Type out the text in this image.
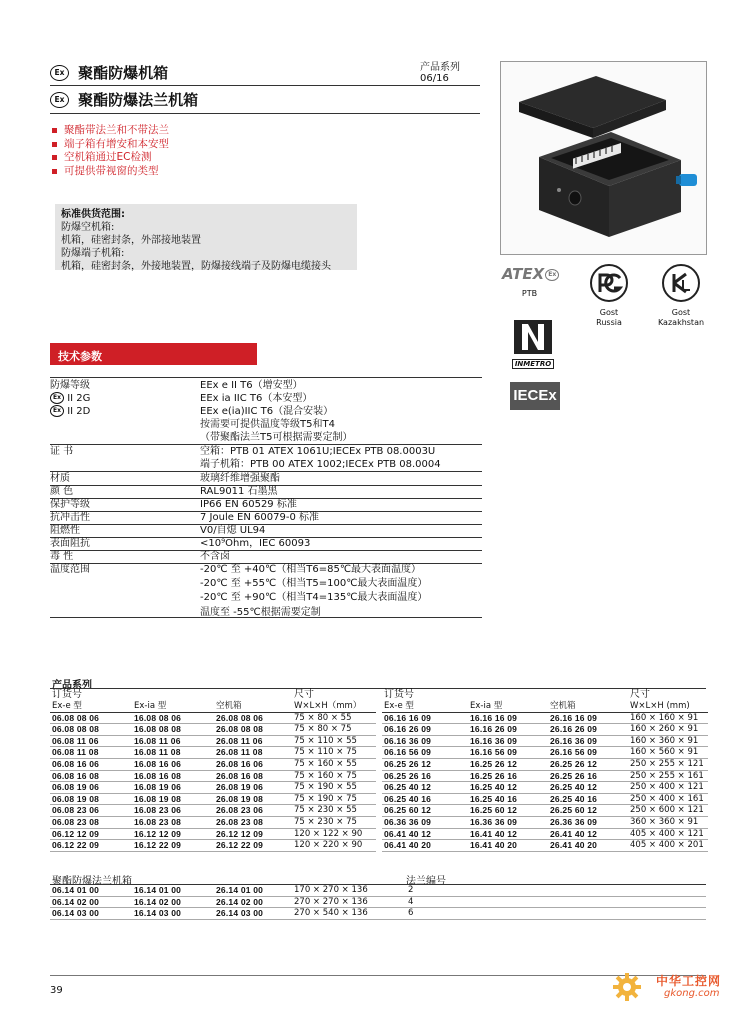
Ex 聚酯防爆机箱
Ex 聚酯防爆法兰机箱
产品系列
06/16
聚酯带法兰和不带法兰
端子箱有增安和本安型
空机箱通过EC检测
可提供带视窗的类型
标准供货范围:
防爆空机箱:
机箱，硅密封条，外部接地装置
防爆端子机箱:
机箱，硅密封条，外接地装置，防爆接线端子及防爆电缆接头	ATEX Ex
PTB
Gost
Russia
Gost
Kazakhstan
INMETRO
IECEx
技术参数
防爆等级	EEx e II T6（增安型）
Ex II 2G	EEx ia IIC T6（本安型）
Ex II 2D	EEx e(ia)IIC T6（混合安装）
按需要可提供温度等级T5和T4
（带聚酯法兰T5可根据需要定制）
证 书	空箱：PTB 01 ATEX 1061U;IECEx PTB 08.0003U
端子机箱：PTB 00 ATEX 1002;IECEx PTB 08.0004
材质	玻璃纤维增强聚酯
颜 色	RAL9011 石墨黑
保护等级	IP66 EN 60529 标准
抗冲击性	7 Joule EN 60079-0 标准
阻燃性	V0/自熄 UL94
表面阻抗	<10⁹Ohm，IEC 60093
毒 性	不含卤
温度范围	-20℃ 至 +40℃（相当T6=85℃最大表面温度）
-20℃ 至 +55℃（相当T5=100℃最大表面温度）
-20℃ 至 +90℃（相当T4=135℃最大表面温度）
温度至 -55℃根据需要定制
产品系列
订货号			尺寸
Ex-e 型	Ex-ia 型	空机箱	W×L×H（mm）
06.08 08 06	16.08 08 06	26.08 08 06	75 × 80 × 55
06.08 08 08	16.08 08 08	26.08 08 08	75 × 80 × 75
06.08 11 06	16.08 11 06	26.08 11 06	75 × 110 × 55
06.08 11 08	16.08 11 08	26.08 11 08	75 × 110 × 75
06.08 16 06	16.08 16 06	26.08 16 06	75 × 160 × 55
06.08 16 08	16.08 16 08	26.08 16 08	75 × 160 × 75
06.08 19 06	16.08 19 06	26.08 19 06	75 × 190 × 55
06.08 19 08	16.08 19 08	26.08 19 08	75 × 190 × 75
06.08 23 06	16.08 23 06	26.08 23 06	75 × 230 × 55
06.08 23 08	16.08 23 08	26.08 23 08	75 × 230 × 75
06.12 12 09	16.12 12 09	26.12 12 09	120 × 122 × 90
06.12 22 09	16.12 22 09	26.12 22 09	120 × 220 × 90
订货号			尺寸
Ex-e 型	Ex-ia 型	空机箱	W×L×H (mm)
06.16 16 09	16.16 16 09	26.16 16 09	160 × 160 × 91
06.16 26 09	16.16 26 09	26.16 26 09	160 × 260 × 91
06.16 36 09	16.16 36 09	26.16 36 09	160 × 360 × 91
06.16 56 09	16.16 56 09	26.16 56 09	160 × 560 × 91
06.25 26 12	16.25 26 12	26.25 26 12	250 × 255 × 121
06.25 26 16	16.25 26 16	26.25 26 16	250 × 255 × 161
06.25 40 12	16.25 40 12	26.25 40 12	250 × 400 × 121
06.25 40 16	16.25 40 16	26.25 40 16	250 × 400 × 161
06.25 60 12	16.25 60 12	26.25 60 12	250 × 600 × 121
06.36 36 09	16.36 36 09	26.36 36 09	360 × 360 × 91
06.41 40 12	16.41 40 12	26.41 40 12	405 × 400 × 121
06.41 40 20	16.41 40 20	26.41 40 20	405 × 400 × 201
聚酯防爆法兰机箱	法兰编号
06.14 01 00	16.14 01 00	26.14 01 00	170 × 270 × 136	2
06.14 02 00	16.14 02 00	26.14 02 00	270 × 270 × 136	4
06.14 03 00	16.14 03 00	26.14 03 00	270 × 540 × 136	6
39
中华工控网
gkong.com
